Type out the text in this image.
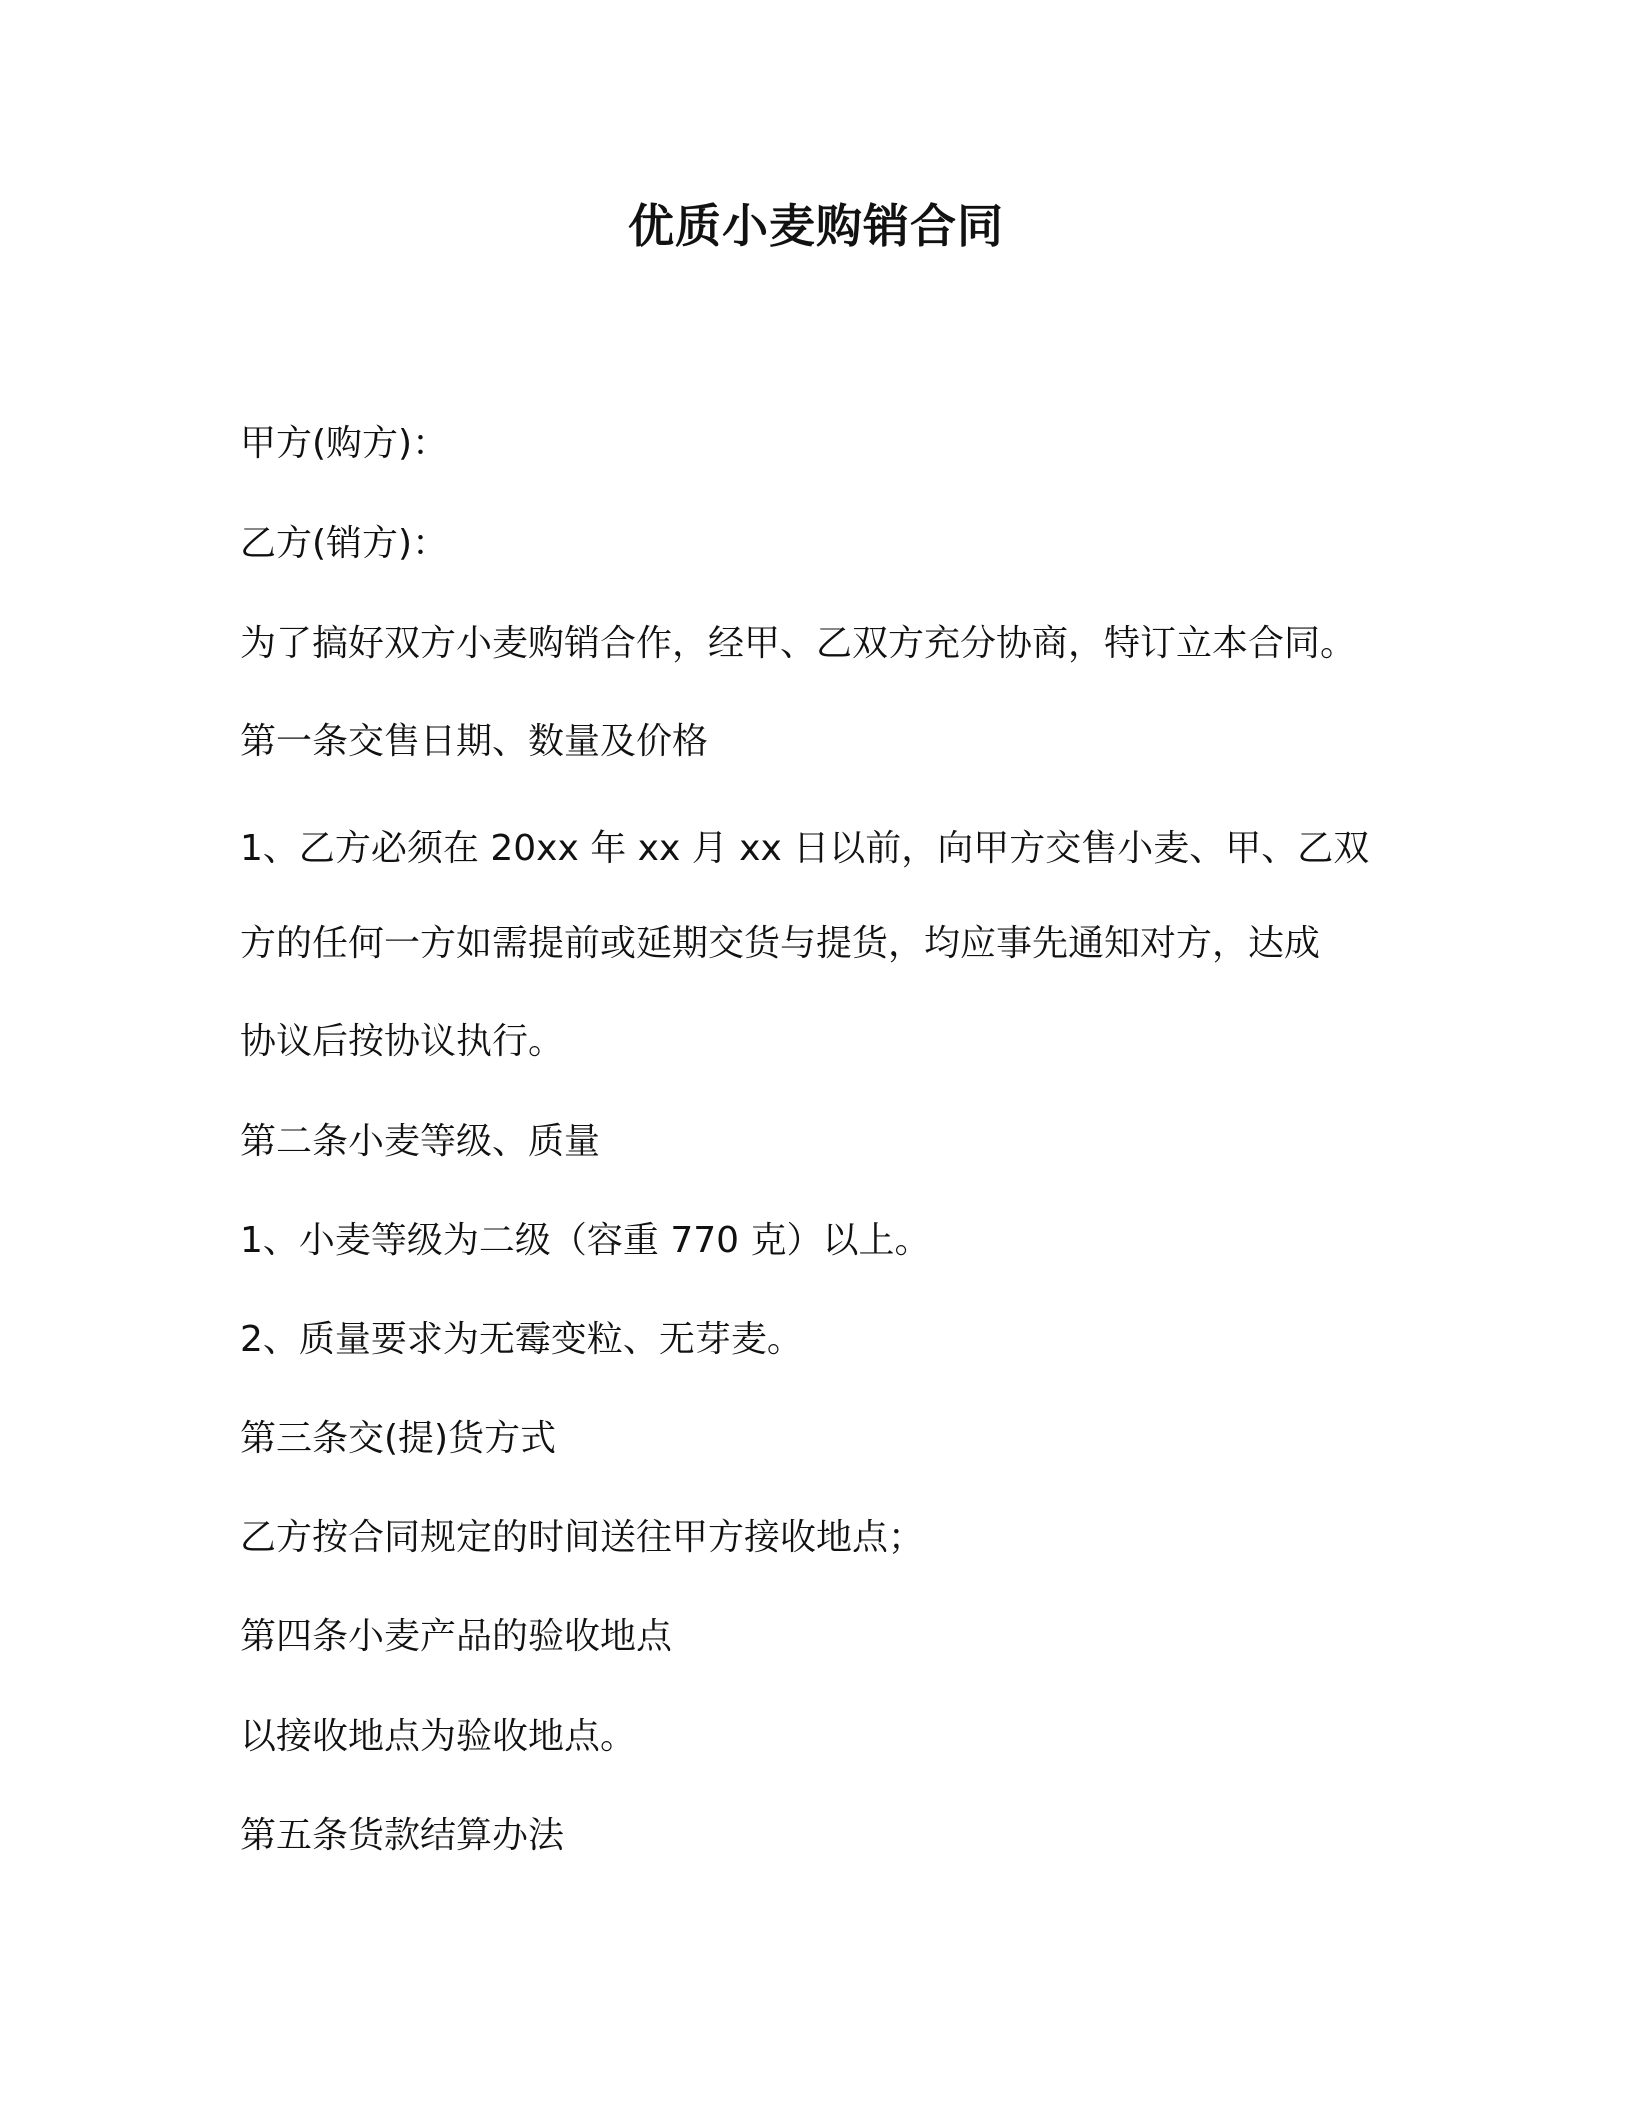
优质小麦购销合同
甲方(购方)：
乙方(销方)：
为了搞好双方小麦购销合作，经甲、乙双方充分协商，特订立本合同。
第一条交售日期、数量及价格
1、乙方必须在 20xx 年 xx 月 xx 日以前，向甲方交售小麦、甲、乙双
方的任何一方如需提前或延期交货与提货，均应事先通知对方，达成
协议后按协议执行。
第二条小麦等级、质量
1、小麦等级为二级（容重 770 克）以上。
2、质量要求为无霉变粒、无芽麦。
第三条交(提)货方式
乙方按合同规定的时间送往甲方接收地点；
第四条小麦产品的验收地点
以接收地点为验收地点。
第五条货款结算办法
